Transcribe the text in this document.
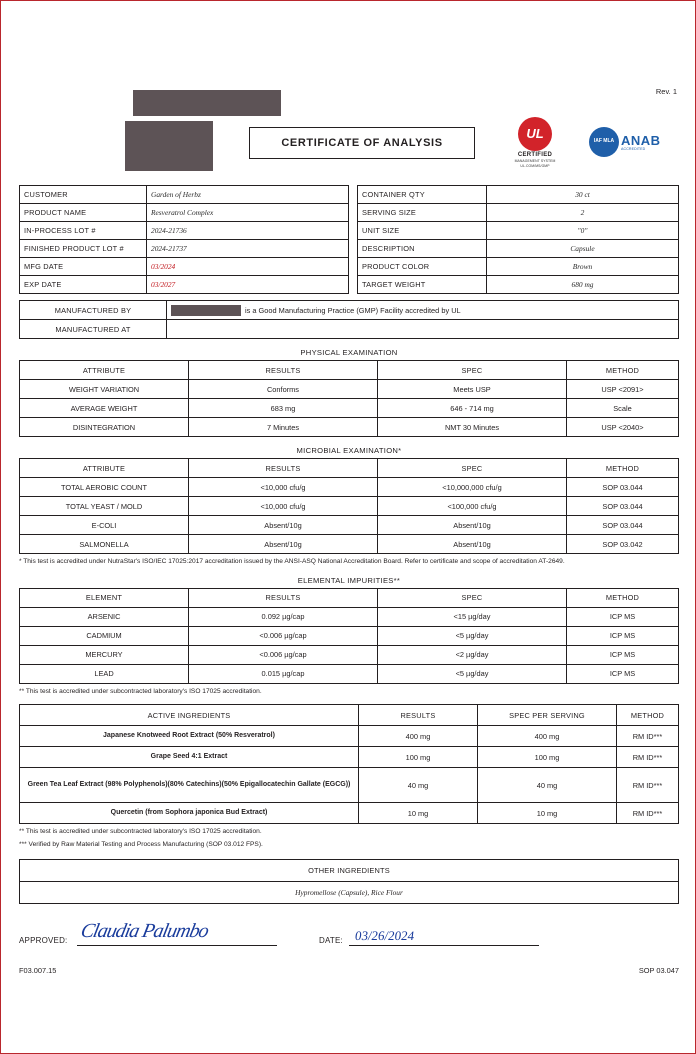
CERTIFICATE OF ANALYSIS
UL
CERTIFIED
MANAGEMENT SYSTEM UL.COM/MS/GMP
Rev. 1
IAF MLA ANAB
ACCREDITED
CUSTOMER	Garden of Herbz
PRODUCT NAME	Resveratrol Complex
IN-PROCESS LOT #	2024-21736
FINISHED PRODUCT LOT #	2024-21737
MFG DATE	03/2024
EXP DATE	03/2027
CONTAINER QTY	30 ct
SERVING SIZE	2
UNIT SIZE	"0"
DESCRIPTION	Capsule
PRODUCT COLOR	Brown
TARGET WEIGHT	680 mg
MANUFACTURED BY	is a Good Manufacturing Practice (GMP) Facility accredited by UL

MANUFACTURED AT	
PHYSICAL EXAMINATION
ATTRIBUTE	RESULTS	SPEC	METHOD
WEIGHT VARIATION	Conforms	Meets USP	USP <2091>
AVERAGE WEIGHT	683 mg	646 - 714 mg	Scale
DISINTEGRATION	7 Minutes	NMT 30 Minutes	USP <2040>
MICROBIAL EXAMINATION*
ATTRIBUTE	RESULTS	SPEC	METHOD
TOTAL AEROBIC COUNT	<10,000 cfu/g	<10,000,000 cfu/g	SOP 03.044
TOTAL YEAST / MOLD	<10,000 cfu/g	<100,000 cfu/g	SOP 03.044
E-COLI	Absent/10g	Absent/10g	SOP 03.044
SALMONELLA	Absent/10g	Absent/10g	SOP 03.042

* This test is accredited under NutraStar's ISO/IEC 17025:2017 accreditation issued by the ANSI-ASQ National Accreditation Board. Refer to certificate and scope of accreditation AT-2649.

ELEMENTAL IMPURITIES**
ELEMENT	RESULTS	SPEC	METHOD
ARSENIC	0.092 µg/cap	<15 µg/day	ICP MS
CADMIUM	<0.006 µg/cap	<5 µg/day	ICP MS
MERCURY	<0.006 µg/cap	<2 µg/day	ICP MS
LEAD	0.015 µg/cap	<5 µg/day	ICP MS

** This test is accredited under subcontracted laboratory's ISO 17025 accreditation.

ACTIVE INGREDIENTS	RESULTS	SPEC PER SERVING	METHOD
Japanese Knotweed Root Extract (50% Resveratrol)	400 mg	400 mg	RM ID***
Grape Seed 4:1 Extract	100 mg	100 mg	RM ID***
Green Tea Leaf Extract (98% Polyphenols)(80% Catechins)(50% Epigallocatechin Gallate (EGCG))	40 mg	40 mg	RM ID***
Quercetin (from Sophora japonica Bud Extract)	10 mg	10 mg	RM ID***

** This test is accredited under subcontracted laboratory's ISO 17025 accreditation.

*** Verified by Raw Material Testing and Process Manufacturing (SOP 03.012 FPS).

OTHER INGREDIENTS
Hypromellose (Capsule), Rice Flour
APPROVED: Claudia Palumbo	DATE: 03/26/2024
F03.007.15	SOP 03.047
